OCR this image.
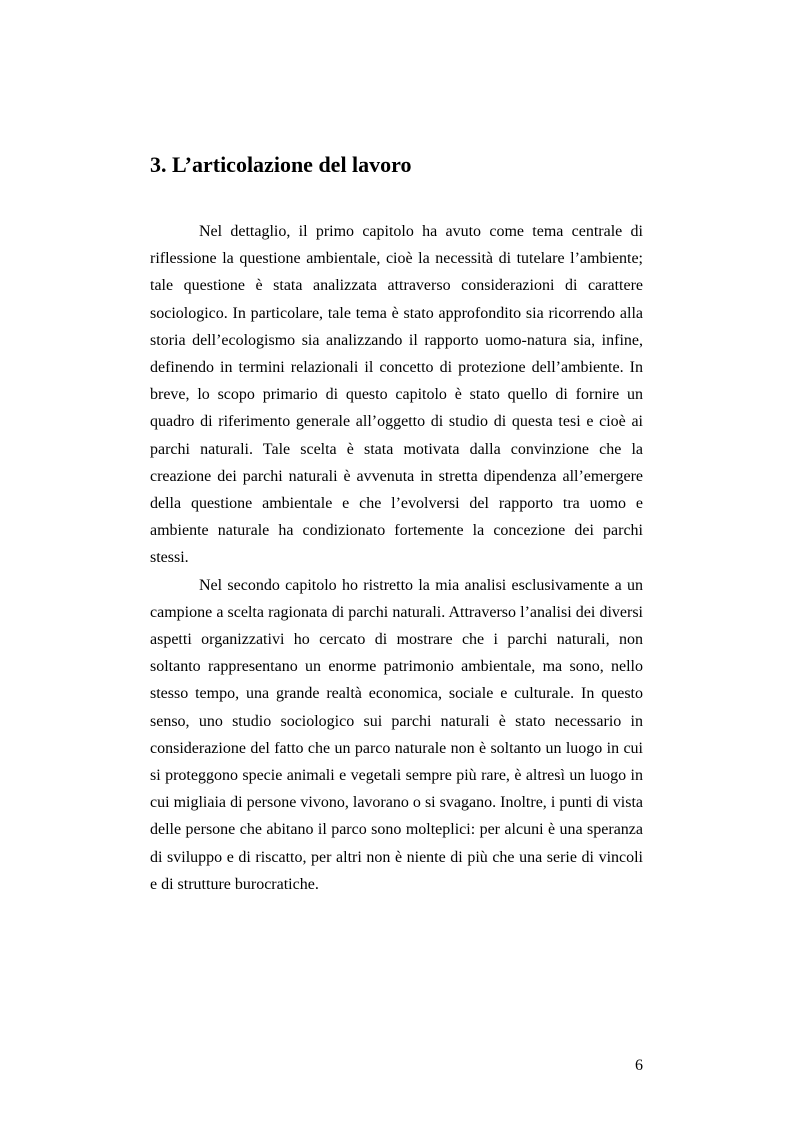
3. L’articolazione del lavoro

Nel dettaglio, il primo capitolo ha avuto come tema centrale di riflessione la questione ambientale, cioè la necessità di tutelare l’ambiente; tale questione è stata analizzata attraverso considerazioni di carattere sociologico. In particolare, tale tema è stato approfondito sia ricorrendo alla storia dell’ecologismo sia analizzando il rapporto uomo-natura sia, infine, definendo in termini relazionali il concetto di protezione dell’ambiente. In breve, lo scopo primario di questo capitolo è stato quello di fornire un quadro di riferimento generale all’oggetto di studio di questa tesi e cioè ai parchi naturali. Tale scelta è stata motivata dalla convinzione che la creazione dei parchi naturali è avvenuta in stretta dipendenza all’emergere della questione ambientale e che l’evolversi del rapporto tra uomo e ambiente naturale ha condizionato fortemente la concezione dei parchi stessi.

Nel secondo capitolo ho ristretto la mia analisi esclusivamente a un campione a scelta ragionata di parchi naturali. Attraverso l’analisi dei diversi aspetti organizzativi ho cercato di mostrare che i parchi naturali, non soltanto rappresentano un enorme patrimonio ambientale, ma sono, nello stesso tempo, una grande realtà economica, sociale e culturale. In questo senso, uno studio sociologico sui parchi naturali è stato necessario in considerazione del fatto che un parco naturale non è soltanto un luogo in cui si proteggono specie animali e vegetali sempre più rare, è altresì un luogo in cui migliaia di persone vivono, lavorano o si svagano. Inoltre, i punti di vista delle persone che abitano il parco sono molteplici: per alcuni è una speranza di sviluppo e di riscatto, per altri non è niente di più che una serie di vincoli e di strutture burocratiche.

6
